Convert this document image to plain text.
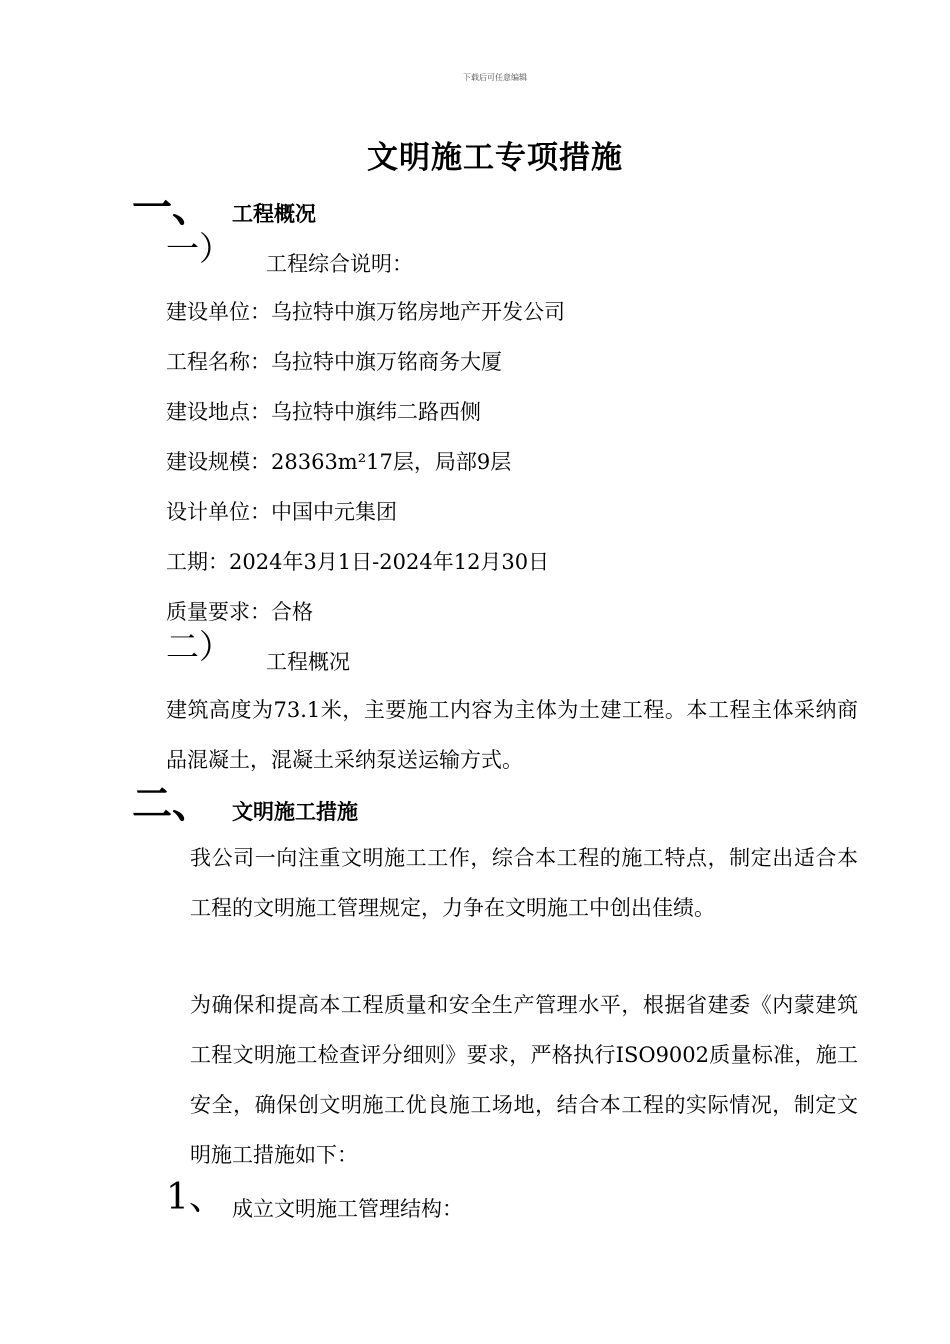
下载后可任意编辑
文明施工专项措施
一、 工程概况
一） 工程综合说明：
建设单位：乌拉特中旗万铭房地产开发公司
工程名称：乌拉特中旗万铭商务大厦
建设地点：乌拉特中旗纬二路西侧
建设规模：28363m²17层，局部9层
设计单位：中国中元集团
工期：2024年3月1日-2024年12月30日
质量要求：合格
二） 工程概况
建筑高度为73.1米，主要施工内容为主体为土建工程。本工程主体采纳商品混凝土，混凝土采纳泵送运输方式。
二、 文明施工措施
我公司一向注重文明施工工作，综合本工程的施工特点，制定出适合本工程的文明施工管理规定，力争在文明施工中创出佳绩。
为确保和提高本工程质量和安全生产管理水平，根据省建委《内蒙建筑工程文明施工检查评分细则》要求，严格执行ISO9002质量标准，施工安全，确保创文明施工优良施工场地，结合本工程的实际情况，制定文明施工措施如下：
1、 成立文明施工管理结构：
